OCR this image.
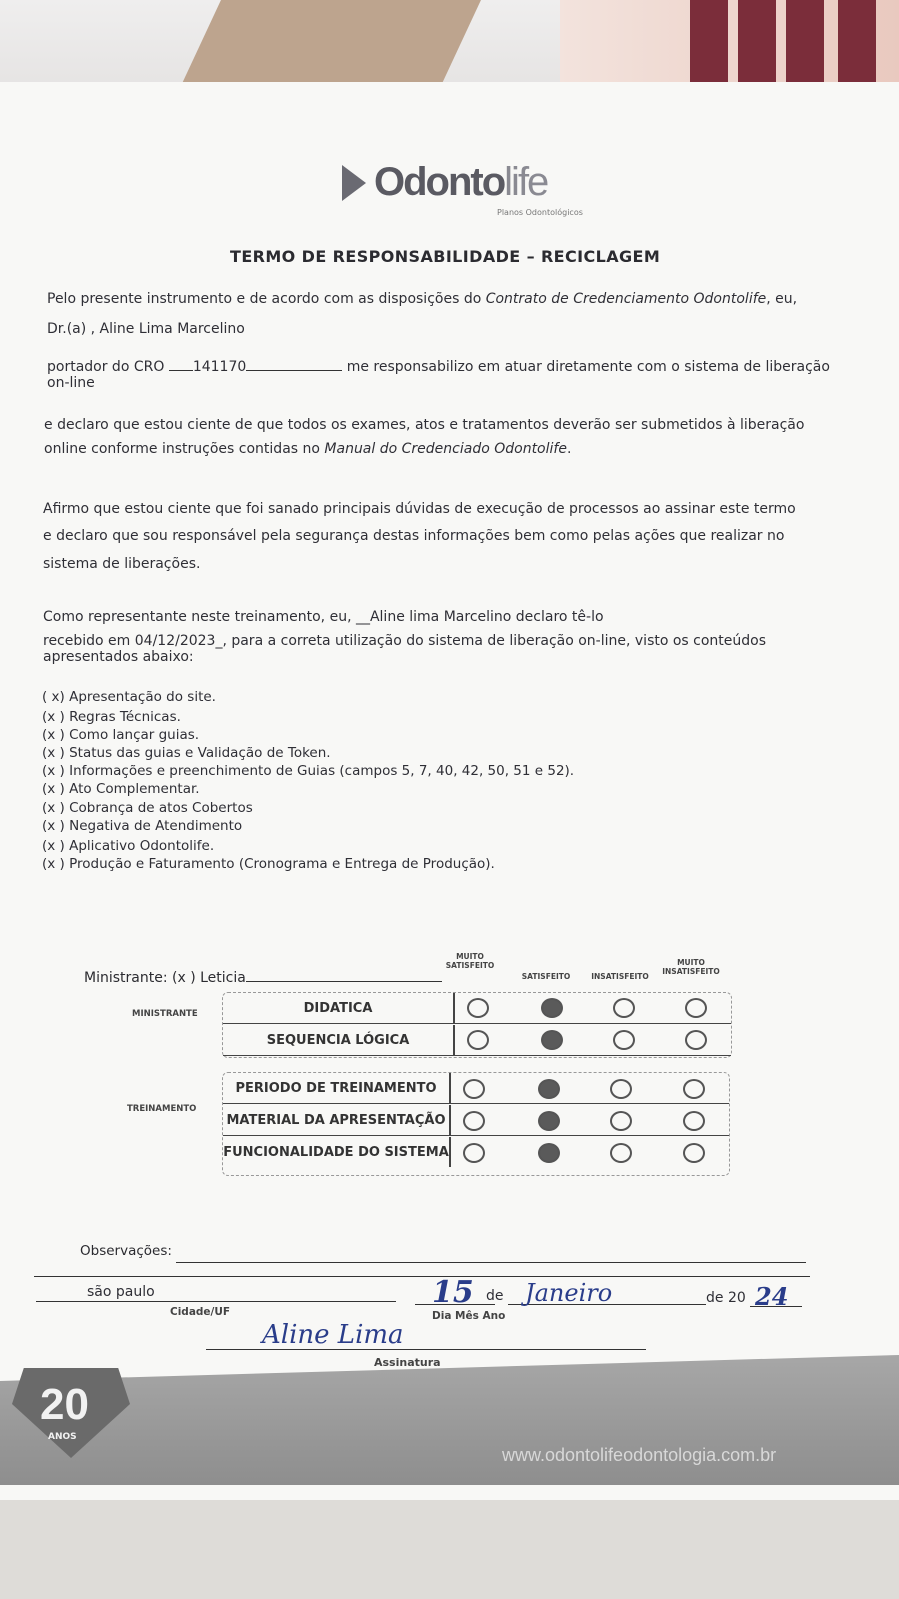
Odontolife
Planos Odontológicos
TERMO DE RESPONSABILIDADE – RECICLAGEM
Pelo presente instrumento e de acordo com as disposições do Contrato de Credenciamento Odontolife, eu,
Dr.(a) , Aline Lima Marcelino
portador do CRO 141170	me responsabilizo em atuar diretamente com o sistema de liberação
on-line
e declaro que estou ciente de que todos os exames, atos e tratamentos deverão ser submetidos à liberação
online conforme instruções contidas no Manual do Credenciado Odontolife.
Afirmo que estou ciente que foi sanado principais dúvidas de execução de processos ao assinar este termo
e declaro que sou responsável pela segurança destas informações bem como pelas ações que realizar no
sistema de liberações.
Como representante neste treinamento, eu, __Aline lima Marcelino declaro tê-lo
recebido em 04/12/2023_, para a correta utilização do sistema de liberação on-line, visto os conteúdos
apresentados abaixo:
( x) Apresentação do site.
(x ) Regras Técnicas.
(x ) Como lançar guias.
(x ) Status das guias e Validação de Token.
(x ) Informações e preenchimento de Guias (campos 5, 7, 40, 42, 50, 51 e 52).
(x ) Ato Complementar.
(x ) Cobrança de atos Cobertos
(x ) Negativa de Atendimento
(x ) Aplicativo Odontolife.
(x ) Produção e Faturamento (Cronograma e Entrega de Produção).
MUITO SATISFEITO
SATISFEITO	INSATISFEITO
MUITO INSATISFEITO
Ministrante: (x ) Leticia
MINISTRANTE
TREINAMENTO
DIDATICA
SEQUENCIA LÓGICA
PERIODO DE TREINAMENTO
MATERIAL DA APRESENTAÇÃO
FUNCIONALIDADE DO SISTEMA
Observações:
são paulo
Cidade/UF
15 de Janeiro
Dia Mês Ano
de 20 24
Aline Lima
Assinatura
20
ANOS
www.odontolifeodontologia.com.br
